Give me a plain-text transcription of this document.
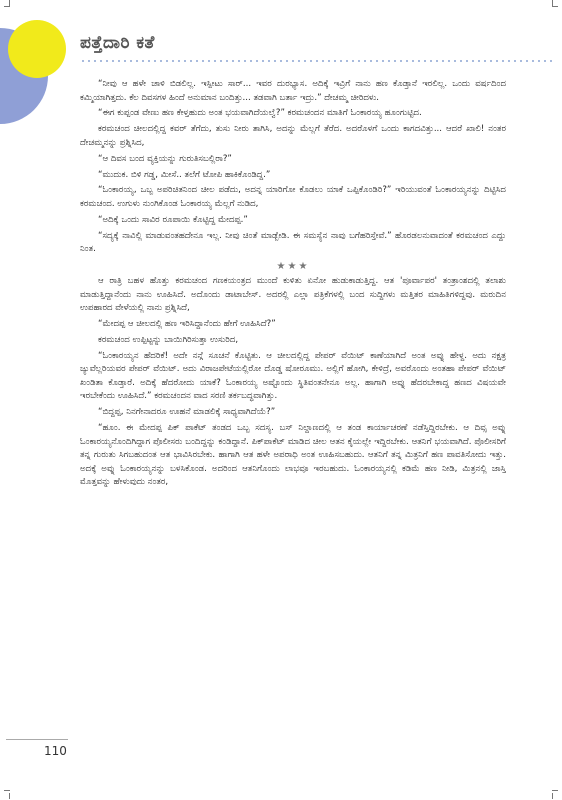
ಪತ್ತೆದಾರಿ ಕತೆ

“ನೀವು ಆ ಹಳೇ ಚಾಳಿ ಬಿಡಲಿಲ್ಲ. ಇಸ್ಪೀಟು ಸಾರ್... ಇವರ ದುರಭ್ಯಾಸ. ಅದಿಕ್ಕೆ ಇವ್ರಿಗೆ ನಾನು ಹಣ ಕೊಡ್ತಾನೆ ಇರಲಿಲ್ಲ. ಒಂದು ವರ್ಷದಿಂದ ಕಮ್ಮಿಯಾಗಿತ್ತದು. ಕೆಲ ದಿವಸಗಳ ಹಿಂದೆ ಅನುಮಾನ ಬಂದಿತ್ತು... ತಡವಾಗಿ ಬರ್ತಾ ಇದ್ರು.” ದೇಚಮ್ಮ ಚೀರಿದಳು.

“ಈಗ ಕುಪ್ಪಂಡ ವೇಣು ಹಣ ಕೇಳ್ತಹುದು ಅಂತ ಭಯವಾಗಿದೆಯಲ್ವೆ?” ಕರಮಚಂದನ ಮಾತಿಗೆ ಓಂಕಾರಯ್ಯ ಹೂಂಗುಟ್ಟಿದ.

ಕರಮಚಂದ ಚೀಲದಲ್ಲಿದ್ದ ಕವರ್ ತೆಗೆದು, ತುಸು ನೀರು ತಾಗಿಸಿ, ಅದನ್ನು ಮೆಲ್ಲಗೆ ತೆರೆದ. ಅದರೊಳಗೆ ಒಂದು ಕಾಗದವಿತ್ತು... ಆದರೆ ಖಾಲಿ! ನಂತರ ದೇಚಮ್ಮನನ್ನು ಪ್ರಶ್ನಿಸಿದ,

“ಆ ದಿವಸ ಬಂದ ವ್ಯಕ್ತಿಯನ್ನು ಗುರುತಿಸಬಲ್ಲಿರಾ?”

“ಮುದುಕ. ಬಿಳಿ ಗಡ್ಡ, ಮೀಸೆ.. ತಲೆಗೆ ಟೋಪಿ ಹಾಕಿಕೊಂಡಿದ್ದ.”

“ಓಂಕಾರಯ್ಯ, ಒಬ್ಬ ಅಪರಿಚಿತನಿಂದ ಚೀಲ ಪಡೆದು, ಅದನ್ನ ಯಾರಿಗೋ ಕೊಡಲು ಯಾಕೆ ಒಪ್ಪಿಕೊಂಡಿರಿ?” ಇರಿಯುವಂತೆ ಓಂಕಾರಯ್ಯನನ್ನು ದಿಟ್ಟಿಸಿದ ಕರಮಚಂದ. ಉಗುಳು ನುಂಗಿಕೊಂಡ ಓಂಕಾರಯ್ಯ ಮೆಲ್ಲಗೆ ನುಡಿದ,

“ಅದಿಕ್ಕೆ ಒಂದು ಸಾವಿರ ರೂಪಾಯಿ ಕೊಟ್ಟಿದ್ದ ಮೇದಪ್ಪ.”

“ಸದ್ಯಕ್ಕೆ ನಾವಿಲ್ಲಿ ಮಾಡುವಂತಹದೇನೂ ಇಲ್ಲ. ನೀವು ಚಿಂತೆ ಮಾಡ್ಬೇಡಿ. ಈ ಸಮಸ್ಯೆನ ನಾವು ಬಗೆಹರಿಸ್ತೇವೆ.” ಹೊರಡಲನುವಾದಂತೆ ಕರಮಚಂದ ಎದ್ದು ನಿಂತ.

★★★

ಆ ರಾತ್ರಿ ಬಹಳ ಹೊತ್ತು ಕರಮಚಂದ ಗಣಕಯಂತ್ರದ ಮುಂದೆ ಕುಳಿತು ಏನೋ ಹುಡುಕಾಡುತ್ತಿದ್ದ. ಆತ 'ಪೂರ್ವಾಪರ' ತಂತ್ರಾಂಶದಲ್ಲಿ ತಲಾಶು ಮಾಡುತ್ತಿದ್ದಾನೆಂದು ನಾನು ಊಹಿಸಿದೆ. ಅದೊಂದು ಡಾಟಾಬೇಸ್. ಅದರಲ್ಲಿ ಎಲ್ಲಾ ಪತ್ರಿಕೆಗಳಲ್ಲಿ ಬಂದ ಸುದ್ದಿಗಳು ಮತ್ತಿತರ ಮಾಹಿತಿಗಳಿದ್ದವು. ಮರುದಿನ ಉಪಹಾರದ ವೇಳೆಯಲ್ಲಿ ನಾನು ಪ್ರಶ್ನಿಸಿದೆ,

“ಮೇದಪ್ಪ ಆ ಚೀಲದಲ್ಲಿ ಹಣ ಇರಿಸಿದ್ದಾನೆಂದು ಹೇಗೆ ಊಹಿಸಿದೆ?”

ಕರಮಚಂದ ಉಪ್ಪಿಟ್ಟನ್ನು ಬಾಯಿಗಿರಿಸುತ್ತಾ ಉಸುರಿದ,

“ಓಂಕಾರಯ್ಯನ ಹೆದರಿಕೆ! ಅದೇ ನನ್ಗೆ ಸೂಚನೆ ಕೊಟ್ಟಿತು. ಆ ಚೀಲದಲ್ಲಿದ್ದ ಪೇಪರ್ ವೆಯಿಟ್ ಕಾಣೆಯಾಗಿದೆ ಅಂತ ಅವ್ನು ಹೇಳ್ದ. ಅದು ನಕ್ಷತ್ರ ಜ್ಯುವೆಲ್ಲರಿಯವರ ಪೇಪರ್ ವೆಯಿಟ್. ಅದು ವಿರಾಜಪೇಟೆಯಲ್ಲಿರೋ ದೊಡ್ಡ ಷೋರೂಮು. ಅಲ್ಲಿಗೆ ಹೋಗಿ, ಕೇಳಿದ್ರೆ, ಅವರೊಂದು ಅಂತಹಾ ಪೇಪರ್ ವೆಯಿಟ್ ಖಂಡಿತಾ ಕೊಡ್ತಾರೆ. ಅದಿಕ್ಕೆ ಹೆದರೋದು ಯಾಕೆ? ಓಂಕಾರಯ್ಯ ಅಷ್ಟೊಂದು ಸ್ಥಿತಿವಂತನೇನೂ ಅಲ್ಲ. ಹಾಗಾಗಿ ಅವ್ನು ಹೆದರಬೇಕಾದ್ದ ಹಣದ ವಿಷಯವೇ ಇರಬೇಕೆಂದು ಊಹಿಸಿದೆ.” ಕರಮಚಂದನ ವಾದ ಸರಣಿ ತರ್ಕಬದ್ಧವಾಗಿತ್ತು.

“ಬಿದ್ದಪ್ಪ, ನಿನಗೇನಾದರೂ ಊಹನೆ ಮಾಡಲಿಕ್ಕೆ ಸಾಧ್ಯವಾಗಿದೆಯೆ?”

“ಹೂಂ. ಈ ಮೇದಪ್ಪ ಪಿಕ್ ಪಾಕೆಟ್ ತಂಡದ ಒಬ್ಬ ಸದಸ್ಯ. ಬಸ್ ನಿಲ್ದಾಣದಲ್ಲಿ ಆ ತಂಡ ಕಾರ್ಯಾಚರಣೆ ನಡೆಸ್ತಿದ್ದಿರಬೇಕು. ಆ ದಿವ್ಸ ಅವ್ನು ಓಂಕಾರಯ್ಯನೊಂದಿಗಿದ್ದಾಗ ಪೊಲೀಸರು ಬಂದಿದ್ದನ್ನು ಕಂಡಿದ್ದಾನೆ. ಪಿಕ್‌ಪಾಕೆಟ್ ಮಾಡಿದ ಚೀಲ ಆತನ ಕೈಯಲ್ಲೇ ಇದ್ದಿರಬೇಕು. ಆತನಿಗೆ ಭಯವಾಗಿದೆ. ಪೊಲೀಸರಿಗೆ ತನ್ನ ಗುರುತು ಸಿಗಬಹುದಂತ ಆತ ಭಾವಿಸಿರಬೇಕು. ಹಾಗಾಗಿ ಆತ ಹಳೇ ಅಪರಾಧಿ ಅಂತ ಊಹಿಸಬಹುದು. ಆತನಿಗೆ ತನ್ನ ಮಿತ್ರನಿಗೆ ಹಣ ಪಾವತಿಸೋದು ಇತ್ತು. ಅದಕ್ಕೆ ಅವ್ನು ಓಂಕಾರಯ್ಯನನ್ನು ಬಳಸಿಕೊಂಡ. ಅದರಿಂದ ಆತನಿಗೊಂದು ಲಾಭವೂ ಇರಬಹುದು. ಓಂಕಾರಯ್ಯನಲ್ಲಿ ಕಡಿಮೆ ಹಣ ನೀಡಿ, ಮಿತ್ರನಲ್ಲಿ ಜಾಸ್ತಿ ಮೊತ್ತವನ್ನು ಹೇಳುವುದು ನಂತರ,

110
